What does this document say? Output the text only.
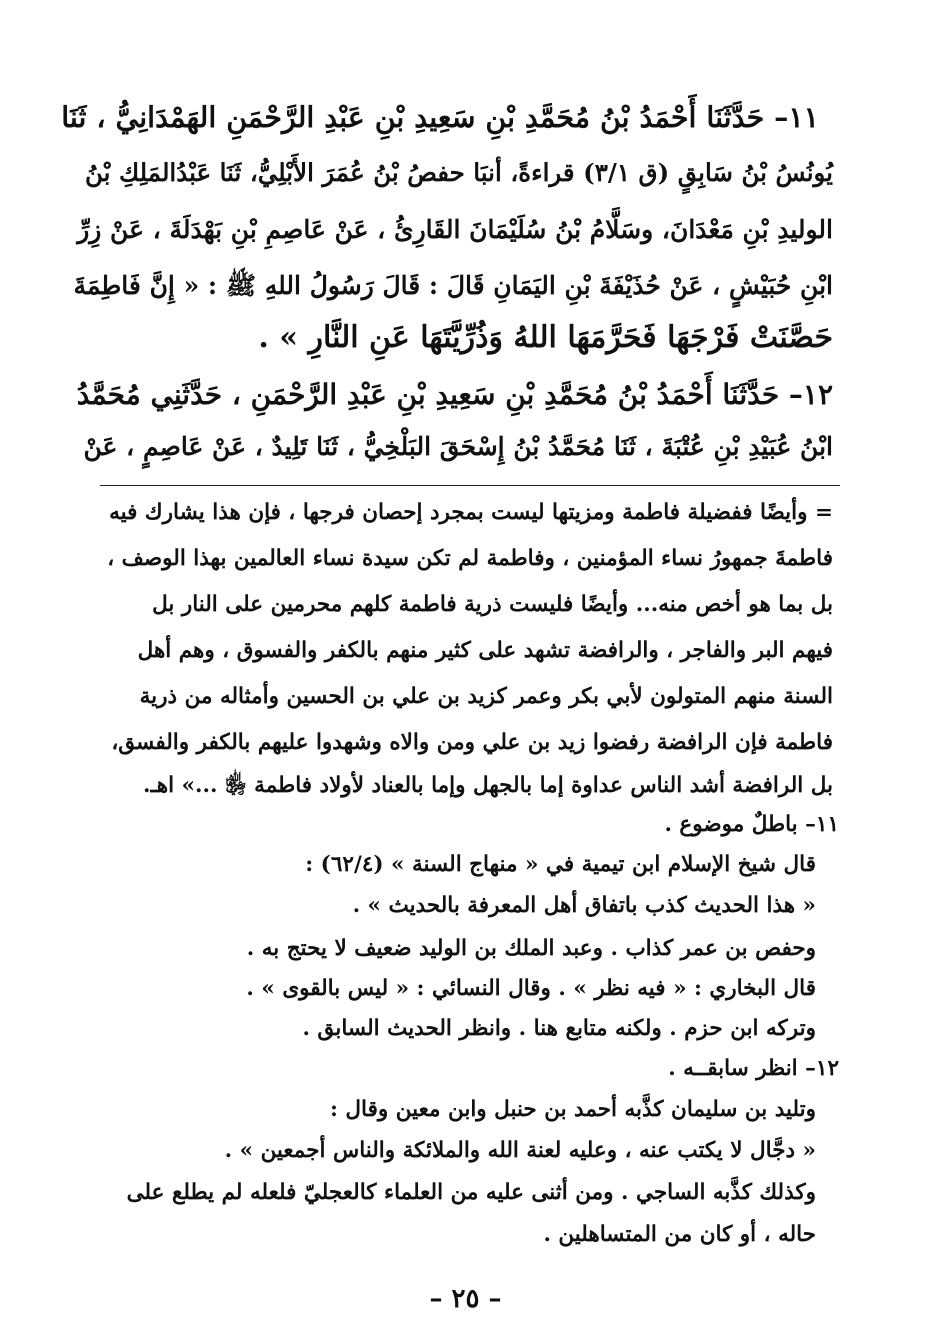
١١– حَدَّثَنَا أَحْمَدُ بْنُ مُحَمَّدِ بْنِ سَعِيدِ بْنِ عَبْدِ الرَّحْمَنِ الهَمْدَانِيُّ ، ثَنَا
يُونُسُ بْنُ سَابِقٍ (ق ٣/١) قراءةً، أنبَا حفصُ بْنُ عُمَرَ الأَبْلِيُّ، ثَنَا عَبْدُالمَلِكِ بْنُ
الوليدِ بْنِ مَعْدَانَ، وسَلَّامُ بْنُ سُلَيْمَانَ القَارِئُ ، عَنْ عَاصِمِ بْنِ بَهْدَلَةَ ، عَنْ زِرِّ
ابْنِ حُبَيْشٍ ، عَنْ حُذَيْفَةَ بْنِ اليَمَانِ قَالَ : قَالَ رَسُولُ اللهِ ﷺ : « إِنَّ فَاطِمَةَ
حَصَّنَتْ فَرْجَهَا فَحَرَّمَهَا اللهُ وَذُرِّيَّتَهَا عَنِ النَّارِ » .
١٢– حَدَّثَنَا أَحْمَدُ بْنُ مُحَمَّدِ بْنِ سَعِيدِ بْنِ عَبْدِ الرَّحْمَنِ ، حَدَّثَنِي مُحَمَّدُ
ابْنُ عُبَيْدِ بْنِ عُتْبَةَ ، ثَنَا مُحَمَّدُ بْنُ إِسْحَقَ البَلْخِيُّ ، ثَنَا تَلِيدٌ ، عَنْ عَاصِمٍ ، عَنْ
= وأيضًا ففضيلة فاطمة ومزيتها ليست بمجرد إحصان فرجها ، فإن هذا يشارك فيه
فاطمةَ جمهورُ نساء المؤمنين ، وفاطمة لم تكن سيدة نساء العالمين بهذا الوصف ،
بل بما هو أخص منه... وأيضًا فليست ذرية فاطمة كلهم محرمين على النار بل
فيهم البر والفاجر ، والرافضة تشهد على كثير منهم بالكفر والفسوق ، وهم أهل
السنة منهم المتولون لأبي بكر وعمر كزيد بن علي بن الحسين وأمثاله من ذرية
فاطمة فإن الرافضة رفضوا زيد بن علي ومن والاه وشهدوا عليهم بالكفر والفسق،
بل الرافضة أشد الناس عداوة إما بالجهل وإما بالعناد لأولاد فاطمة ﵂ ...» اهـ.
١١– باطلٌ موضوع .
قال شيخ الإسلام ابن تيمية في « منهاج السنة » (٦٢/٤) :
« هذا الحديث كذب باتفاق أهل المعرفة بالحديث » .
وحفص بن عمر كذاب . وعبد الملك بن الوليد ضعيف لا يحتج به .
قال البخاري : « فيه نظر » . وقال النسائي : « ليس بالقوى » .
وتركه ابن حزم . ولكنه متابع هنا . وانظر الحديث السابق .
١٢– انظر سابقــه .
وتليد بن سليمان كذَّبه أحمد بن حنبل وابن معين وقال :
« دجَّال لا يكتب عنه ، وعليه لعنة الله والملائكة والناس أجمعين » .
وكذلك كذَّبه الساجي . ومن أثنى عليه من العلماء كالعجليّ فلعله لم يطلع على
حاله ، أو كان من المتساهلين .
– ٢٥ –
